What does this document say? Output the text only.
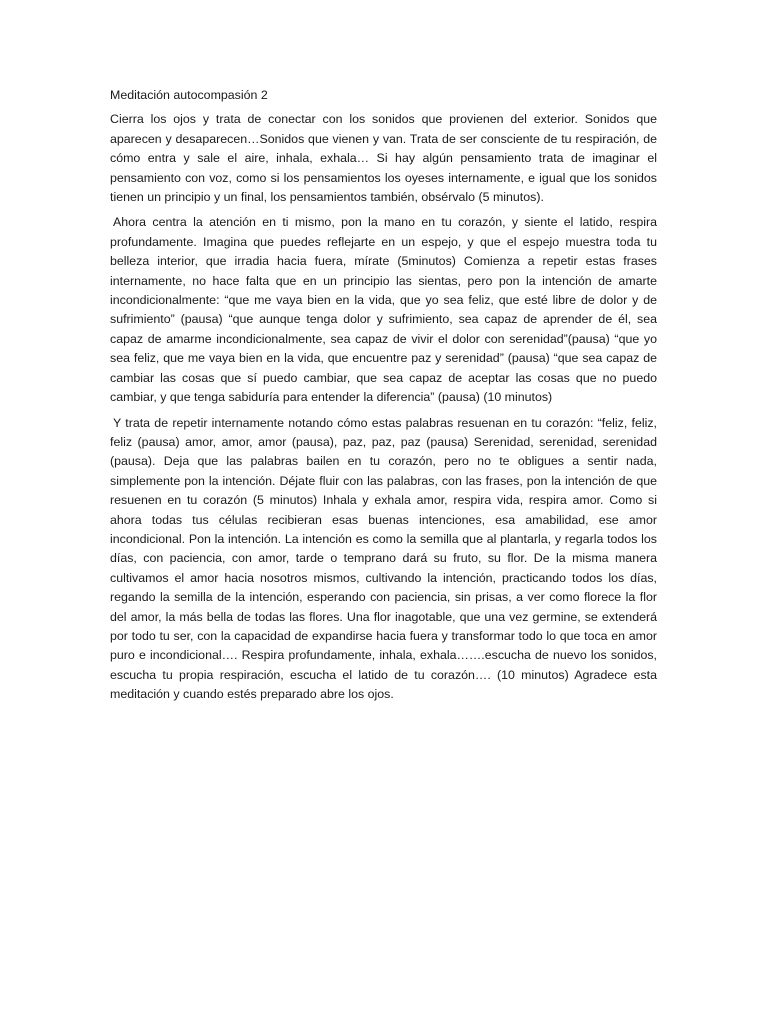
Meditación autocompasión 2

Cierra los ojos y trata de conectar con los sonidos que provienen del exterior. Sonidos que aparecen y desaparecen…Sonidos que vienen y van. Trata de ser consciente de tu respiración, de cómo entra y sale el aire, inhala, exhala… Si hay algún pensamiento trata de imaginar el pensamiento con voz, como si los pensamientos los oyeses internamente, e igual que los sonidos tienen un principio y un final, los pensamientos también, obsérvalo (5 minutos).

Ahora centra la atención en ti mismo, pon la mano en tu corazón, y siente el latido, respira profundamente. Imagina que puedes reflejarte en un espejo, y que el espejo muestra toda tu belleza interior, que irradia hacia fuera, mírate (5minutos) Comienza a repetir estas frases internamente, no hace falta que en un principio las sientas, pero pon la intención de amarte incondicionalmente: “que me vaya bien en la vida, que yo sea feliz, que esté libre de dolor y de sufrimiento” (pausa) “que aunque tenga dolor y sufrimiento, sea capaz de aprender de él, sea capaz de amarme incondicionalmente, sea capaz de vivir el dolor con serenidad”(pausa) “que yo sea feliz, que me vaya bien en la vida, que encuentre paz y serenidad” (pausa) “que sea capaz de cambiar las cosas que sí puedo cambiar, que sea capaz de aceptar las cosas que no puedo cambiar, y que tenga sabiduría para entender la diferencia” (pausa) (10 minutos)

Y trata de repetir internamente notando cómo estas palabras resuenan en tu corazón: “feliz, feliz, feliz (pausa) amor, amor, amor (pausa), paz, paz, paz (pausa) Serenidad, serenidad, serenidad (pausa). Deja que las palabras bailen en tu corazón, pero no te obligues a sentir nada, simplemente pon la intención. Déjate fluir con las palabras, con las frases, pon la intención de que resuenen en tu corazón (5 minutos) Inhala y exhala amor, respira vida, respira amor. Como si ahora todas tus células recibieran esas buenas intenciones, esa amabilidad, ese amor incondicional. Pon la intención. La intención es como la semilla que al plantarla, y regarla todos los días, con paciencia, con amor, tarde o temprano dará su fruto, su flor. De la misma manera cultivamos el amor hacia nosotros mismos, cultivando la intención, practicando todos los días, regando la semilla de la intención, esperando con paciencia, sin prisas, a ver como florece la flor del amor, la más bella de todas las flores. Una flor inagotable, que una vez germine, se extenderá por todo tu ser, con la capacidad de expandirse hacia fuera y transformar todo lo que toca en amor puro e incondicional…. Respira profundamente, inhala, exhala…….escucha de nuevo los sonidos, escucha tu propia respiración, escucha el latido de tu corazón…. (10 minutos) Agradece esta meditación y cuando estés preparado abre los ojos.
